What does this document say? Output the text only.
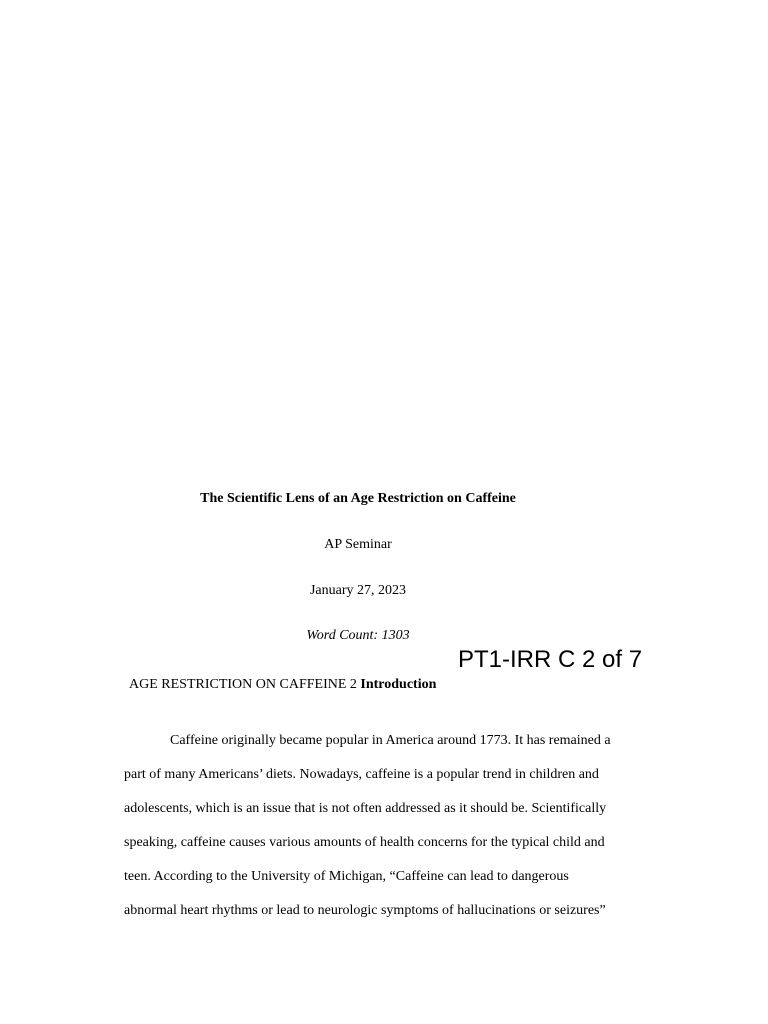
The Scientific Lens of an Age Restriction on Caffeine
AP Seminar
January 27, 2023
Word Count: 1303
PT1-IRR C 2 of 7
AGE RESTRICTION ON CAFFEINE 2 Introduction
Caffeine originally became popular in America around 1773. It has remained a
part of many Americans’ diets. Nowadays, caffeine is a popular trend in children and
adolescents, which is an issue that is not often addressed as it should be. Scientifically
speaking, caffeine causes various amounts of health concerns for the typical child and
teen. According to the University of Michigan, “Caffeine can lead to dangerous
abnormal heart rhythms or lead to neurologic symptoms of hallucinations or seizures”
